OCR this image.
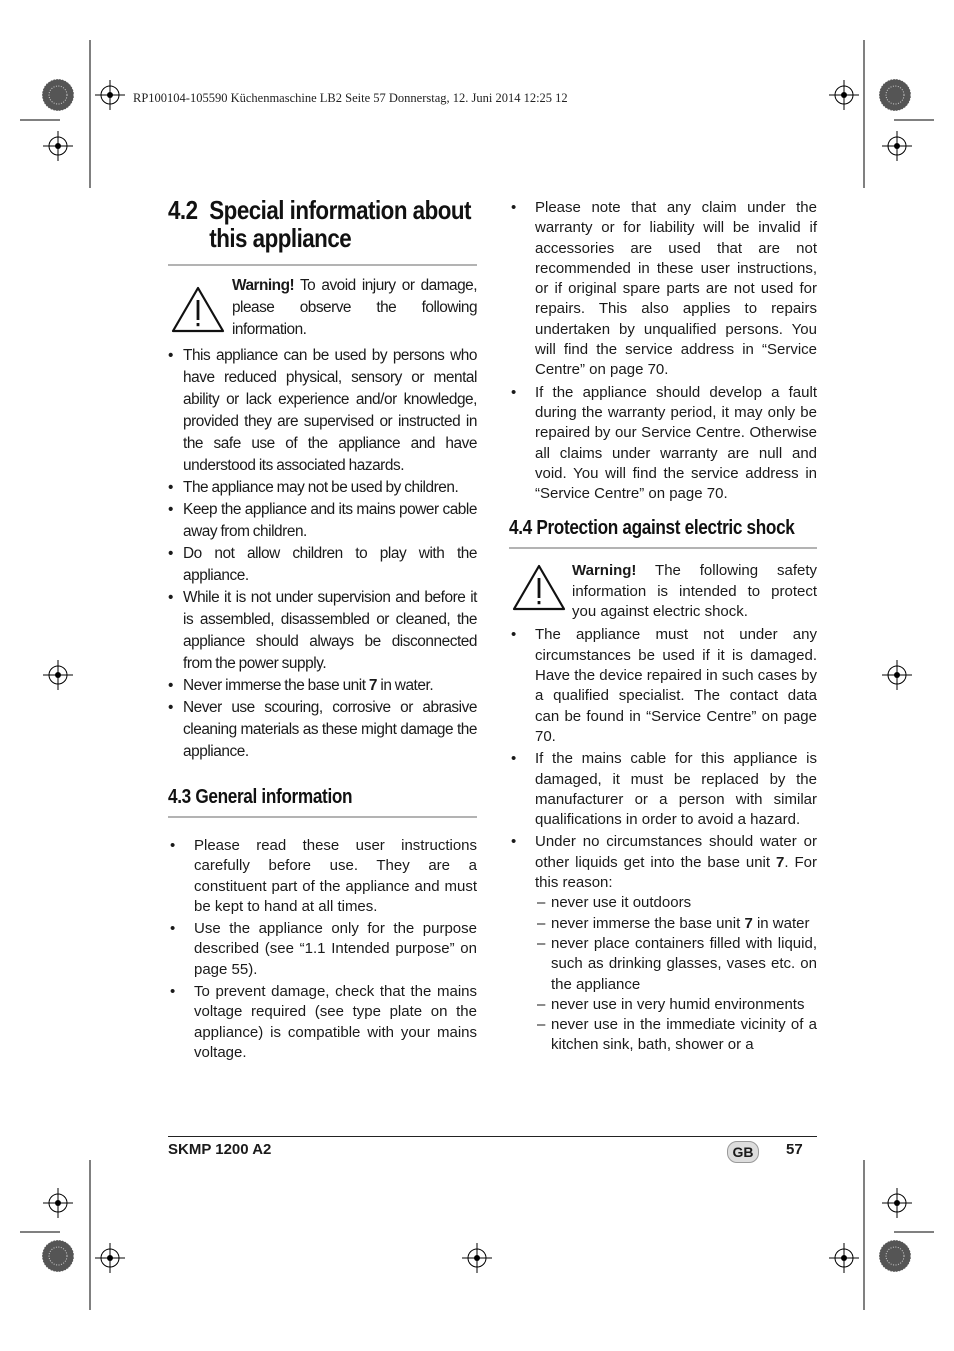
RP100104-105590 Küchenmaschine LB2 Seite 57 Donnerstag, 12. Juni 2014 12:25 12
4.2 Special information about
this appliance

Warning! To avoid injury or damage, please observe the following information.

• This appliance can be used by persons who have reduced physical, sensory or mental ability or lack experience and/or knowledge, provided they are supervised or instructed in the safe use of the appliance and have understood its associated hazards.
• The appliance may not be used by children.
• Keep the appliance and its mains power cable away from children.
• Do not allow children to play with the appliance.
• While it is not under supervision and before it is assembled, disassembled or cleaned, the appliance should always be disconnected from the power supply.
• Never immerse the base unit 7 in water.
• Never use scouring, corrosive or abrasive cleaning materials as these might damage the appliance.
4.3 General information
• Please read these user instructions carefully before use. They are a constituent part of the appliance and must be kept to hand at all times.
• Use the appliance only for the purpose described (see “1.1 Intended purpose” on page 55).
• To prevent damage, check that the mains voltage required (see type plate on the appliance) is compatible with your mains voltage.
• Please note that any claim under the warranty or for liability will be invalid if accessories are used that are not recommended in these user instructions, or if original spare parts are not used for repairs. This also applies to repairs undertaken by unqualified persons. You will find the service address in “Service Centre” on page 70.
• If the appliance should develop a fault during the warranty period, it may only be repaired by our Service Centre. Otherwise all claims under warranty are null and void. You will find the service address in “Service Centre” on page 70.
4.4 Protection against electric shock

Warning! The following safety information is intended to protect you against electric shock.

• The appliance must not under any circumstances be used if it is damaged. Have the device repaired in such cases by a qualified specialist. The contact data can be found in “Service Centre” on page 70.
• If the mains cable for this appliance is damaged, it must be replaced by the manufacturer or a person with similar qualifications in order to avoid a hazard.
• Under no circumstances should water or other liquids get into the base unit 7. For this reason:
– never use it outdoors
– never immerse the base unit 7 in water
– never place containers filled with liquid, such as drinking glasses, vases etc. on the appliance
– never use in very humid environments
– never use in the immediate vicinity of a kitchen sink, bath, shower or a
SKMP 1200 A2	GB	57
